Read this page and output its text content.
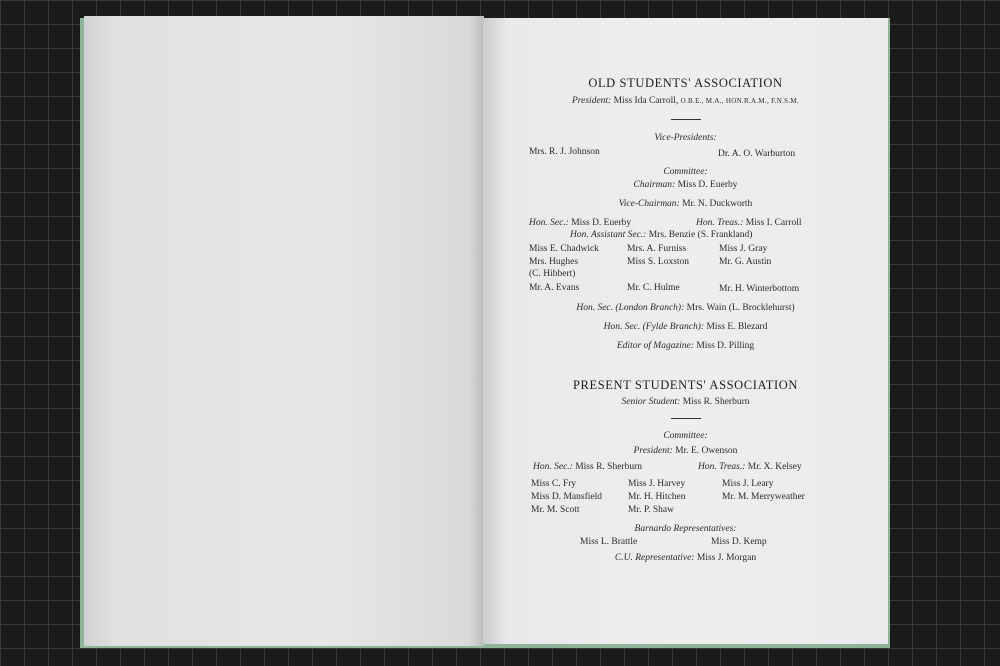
OLD STUDENTS' ASSOCIATION
President: Miss Ida Carroll, O.B.E., M.A., HON.R.A.M., F.N.S.M.
Vice-Presidents:
Mrs. R. J. Johnson	Dr. A. O. Warburton
Committee:
Chairman: Miss D. Euerby
Vice-Chairman: Mr. N. Duckworth
Hon. Sec.: Miss D. Euerby	Hon. Treas.: Miss I. Carroll
Hon. Assistant Sec.: Mrs. Benzie (S. Frankland)
Miss E. Chadwick	Mrs. A. Furniss	Miss J. Gray
Mrs. Hughes	Miss S. Loxston	Mr. G. Austin
(C. Hibbert)
Mr. A. Evans	Mr. C. Hulme	Mr. H. Winterbottom
Hon. Sec. (London Branch): Mrs. Wain (L. Brocklehurst)
Hon. Sec. (Fylde Branch): Miss E. Blezard
Editor of Magazine: Miss D. Pilling
PRESENT STUDENTS' ASSOCIATION
Senior Student: Miss R. Sherburn
Committee:
President: Mr. E. Owenson
Hon. Sec.: Miss R. Sherburn	Hon. Treas.: Mr. X. Kelsey
Miss C. Fry	Miss J. Harvey	Miss J. Leary
Miss D. Mansfield	Mr. H. Hitchen	Mr. M. Merryweather
Mr. M. Scott	Mr. P. Shaw
Barnardo Representatives:
Miss L. Brattle	Miss D. Kemp
C.U. Representative: Miss J. Morgan
